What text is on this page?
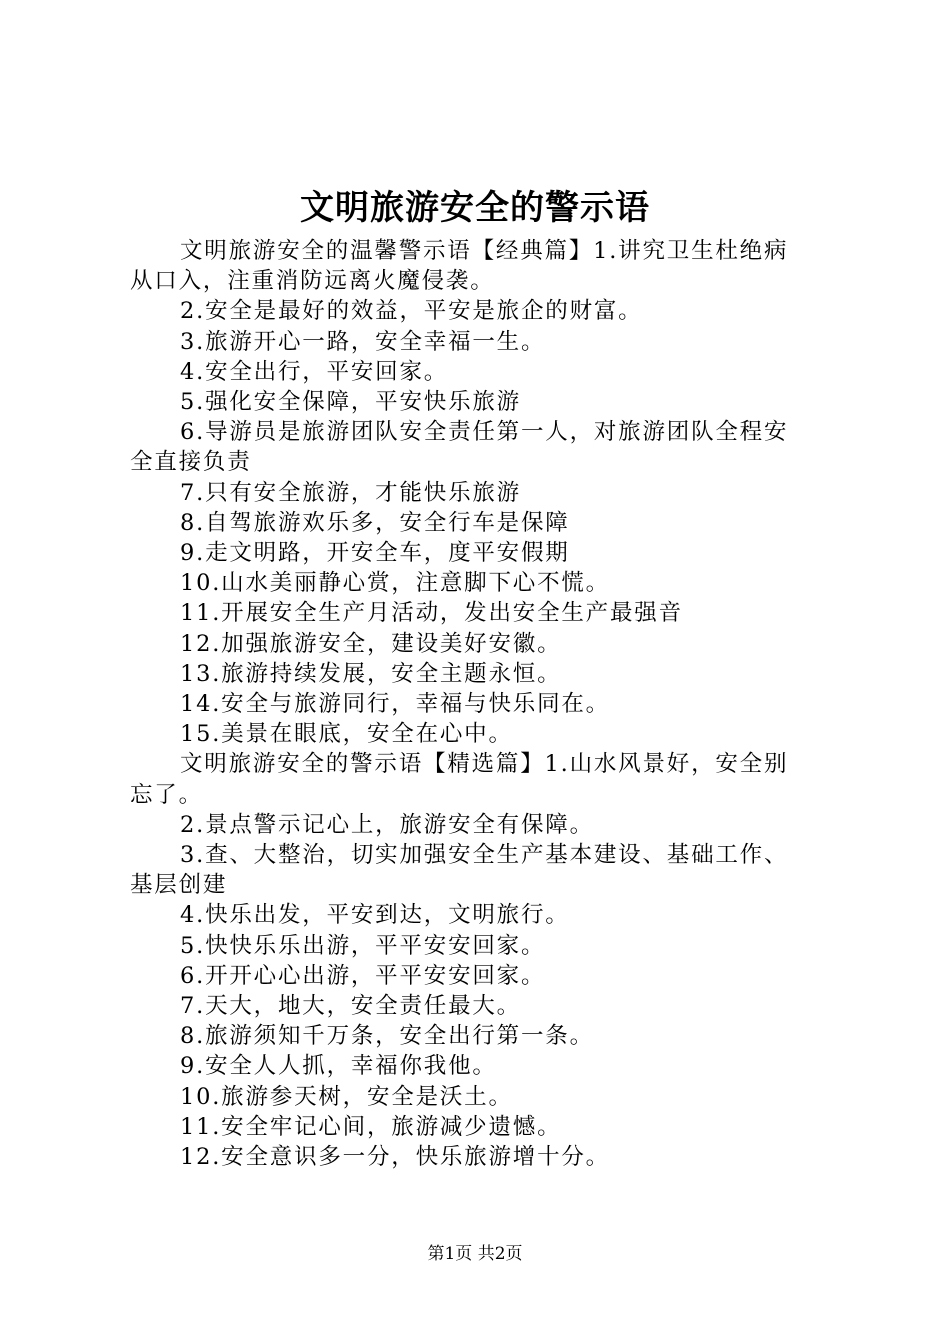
文明旅游安全的警示语

文明旅游安全的温馨警示语【经典篇】1.讲究卫生杜绝病

从口入，注重消防远离火魔侵袭。

2.安全是最好的效益，平安是旅企的财富。

3.旅游开心一路，安全幸福一生。

4.安全出行，平安回家。

5.强化安全保障，平安快乐旅游

6.导游员是旅游团队安全责任第一人，对旅游团队全程安

全直接负责

7.只有安全旅游，才能快乐旅游

8.自驾旅游欢乐多，安全行车是保障

9.走文明路，开安全车，度平安假期

10.山水美丽静心赏，注意脚下心不慌。

11.开展安全生产月活动，发出安全生产最强音

12.加强旅游安全，建设美好安徽。

13.旅游持续发展，安全主题永恒。

14.安全与旅游同行，幸福与快乐同在。

15.美景在眼底，安全在心中。

文明旅游安全的警示语【精选篇】1.山水风景好，安全别

忘了。

2.景点警示记心上，旅游安全有保障。

3.查、大整治，切实加强安全生产基本建设、基础工作、

基层创建

4.快乐出发，平安到达，文明旅行。

5.快快乐乐出游，平平安安回家。

6.开开心心出游，平平安安回家。

7.天大，地大，安全责任最大。

8.旅游须知千万条，安全出行第一条。

9.安全人人抓，幸福你我他。

10.旅游参天树，安全是沃土。

11.安全牢记心间，旅游减少遗憾。

12.安全意识多一分，快乐旅游增十分。

第1页 共2页
